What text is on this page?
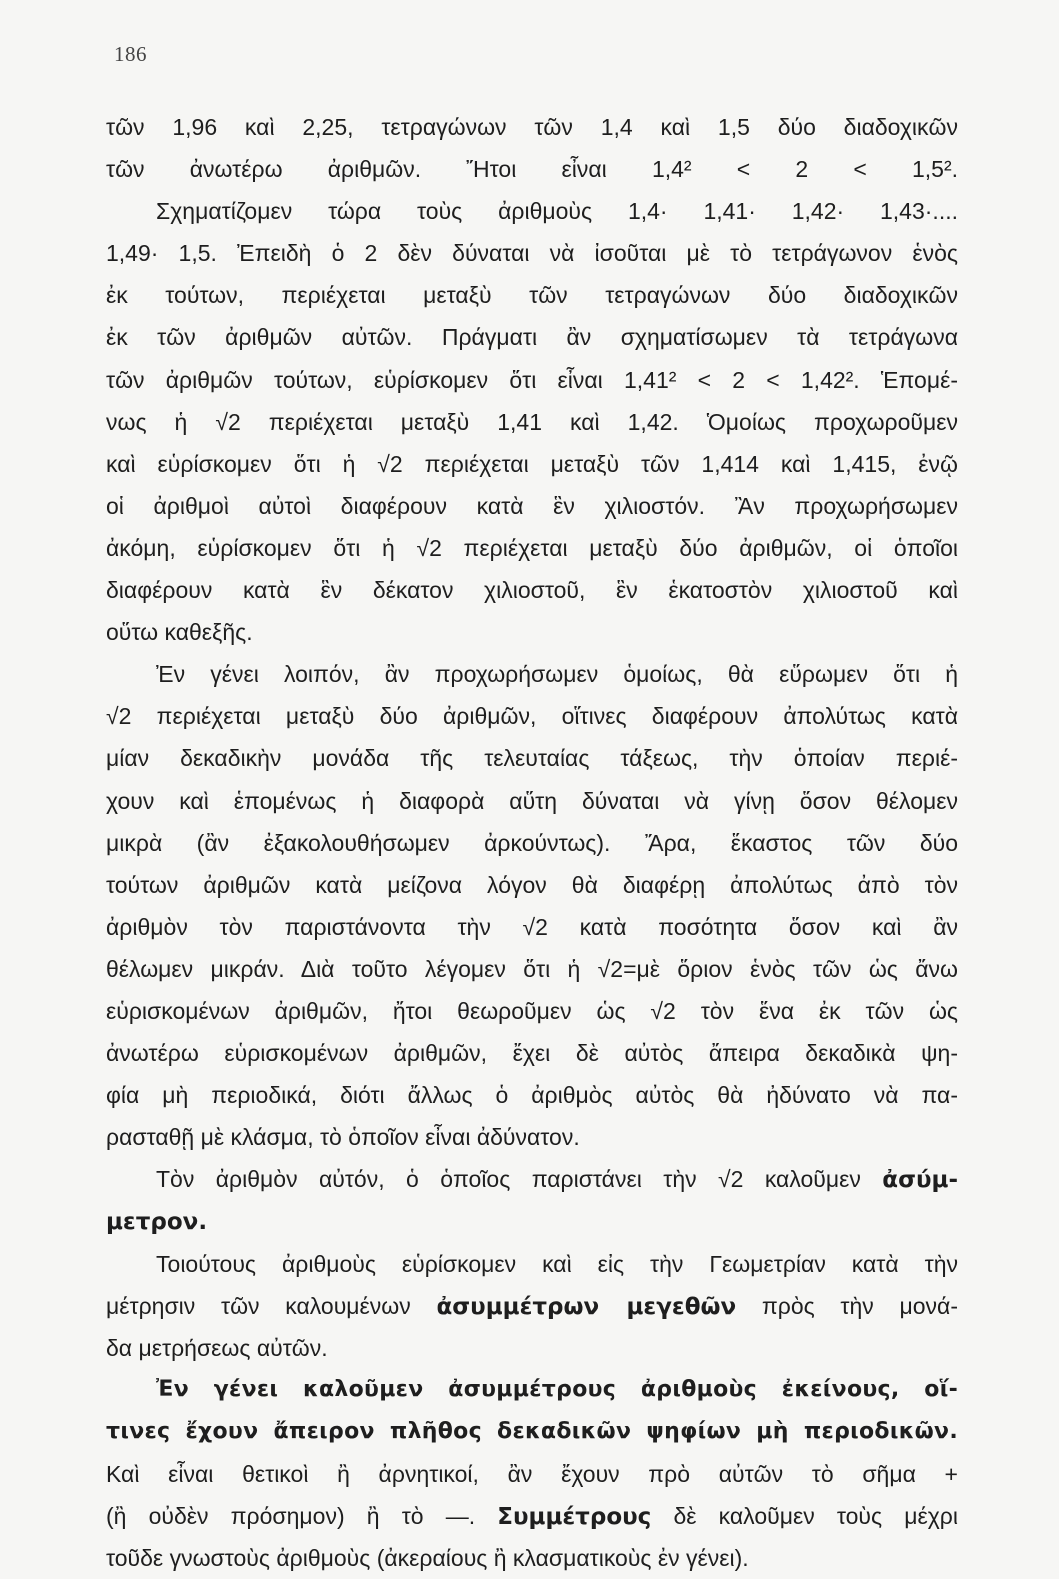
186
τῶν 1,96 καὶ 2,25, τετραγώνων τῶν 1,4 καὶ 1,5 δύο διαδοχικῶν
τῶν ἀνωτέρω ἀριθμῶν. Ἤτοι εἶναι 1,4² < 2 < 1,5².
Σχηματίζομεν τώρα τοὺς ἀριθμοὺς 1,4· 1,41· 1,42· 1,43·....
1,49· 1,5. Ἐπειδὴ ὁ 2 δὲν δύναται νὰ ἰσοῦται μὲ τὸ τετράγωνον ἑνὸς
ἐκ τούτων, περιέχεται μεταξὺ τῶν τετραγώνων δύο διαδοχικῶν
ἐκ τῶν ἀριθμῶν αὐτῶν. Πράγματι ἂν σχηματίσωμεν τὰ τετράγωνα
τῶν ἀριθμῶν τούτων, εὑρίσκομεν ὅτι εἶναι 1,41² < 2 < 1,42². Ἑπομέ-
νως ἡ √2 περιέχεται μεταξὺ 1,41 καὶ 1,42. Ὁμοίως προχωροῦμεν
καὶ εὑρίσκομεν ὅτι ἡ √2 περιέχεται μεταξὺ τῶν 1,414 καὶ 1,415, ἐνῷ
οἱ ἀριθμοὶ αὐτοὶ διαφέρουν κατὰ ἓν χιλιοστόν. Ἂν προχωρήσωμεν
ἀκόμη, εὑρίσκομεν ὅτι ἡ √2 περιέχεται μεταξὺ δύο ἀριθμῶν, οἱ ὁποῖοι
διαφέρουν κατὰ ἓν δέκατον χιλιοστοῦ, ἓν ἑκατοστὸν χιλιοστοῦ καὶ
οὕτω καθεξῆς.
Ἐν γένει λοιπόν, ἂν προχωρήσωμεν ὁμοίως, θὰ εὕρωμεν ὅτι ἡ
√2 περιέχεται μεταξὺ δύο ἀριθμῶν, οἵτινες διαφέρουν ἀπολύτως κατὰ
μίαν δεκαδικὴν μονάδα τῆς τελευταίας τάξεως, τὴν ὁποίαν περιέ-
χουν καὶ ἑπομένως ἡ διαφορὰ αὕτη δύναται νὰ γίνῃ ὅσον θέλομεν
μικρὰ (ἂν ἐξακολουθήσωμεν ἀρκούντως). Ἄρα, ἕκαστος τῶν δύο
τούτων ἀριθμῶν κατὰ μείζονα λόγον θὰ διαφέρῃ ἀπολύτως ἀπὸ τὸν
ἀριθμὸν τὸν παριστάνοντα τὴν √2 κατὰ ποσότητα ὅσον καὶ ἂν
θέλωμεν μικράν. Διὰ τοῦτο λέγομεν ὅτι ἡ √2=μὲ ὅριον ἑνὸς τῶν ὡς ἄνω
εὑρισκομένων ἀριθμῶν, ἤτοι θεωροῦμεν ὡς √2 τὸν ἕνα ἐκ τῶν ὡς
ἀνωτέρω εὑρισκομένων ἀριθμῶν, ἔχει δὲ αὐτὸς ἄπειρα δεκαδικὰ ψη-
φία μὴ περιοδικά, διότι ἄλλως ὁ ἀριθμὸς αὐτὸς θὰ ἠδύνατο νὰ πα-
ρασταθῇ μὲ κλάσμα, τὸ ὁποῖον εἶναι ἀδύνατον.
Τὸν ἀριθμὸν αὐτόν, ὁ ὁποῖος παριστάνει τὴν √2 καλοῦμεν ἀσύμ-
μετρον.
Τοιούτους ἀριθμοὺς εὑρίσκομεν καὶ εἰς τὴν Γεωμετρίαν κατὰ τὴν
μέτρησιν τῶν καλουμένων ἀσυμμέτρων μεγεθῶν πρὸς τὴν μονά-
δα μετρήσεως αὐτῶν.
Ἐν γένει καλοῦμεν ἀσυμμέτρους ἀριθμοὺς ἐκείνους, οἵ-
τινες ἔχουν ἄπειρον πλῆθος δεκαδικῶν ψηφίων μὴ περιοδικῶν.
Καὶ εἶναι θετικοὶ ἢ ἀρνητικοί, ἂν ἔχουν πρὸ αὐτῶν τὸ σῆμα +
(ἢ οὐδὲν πρόσημον) ἢ τὸ —. Συμμέτρους δὲ καλοῦμεν τοὺς μέχρι
τοῦδε γνωστοὺς ἀριθμοὺς (ἀκεραίους ἢ κλασματικοὺς ἐν γένει).
